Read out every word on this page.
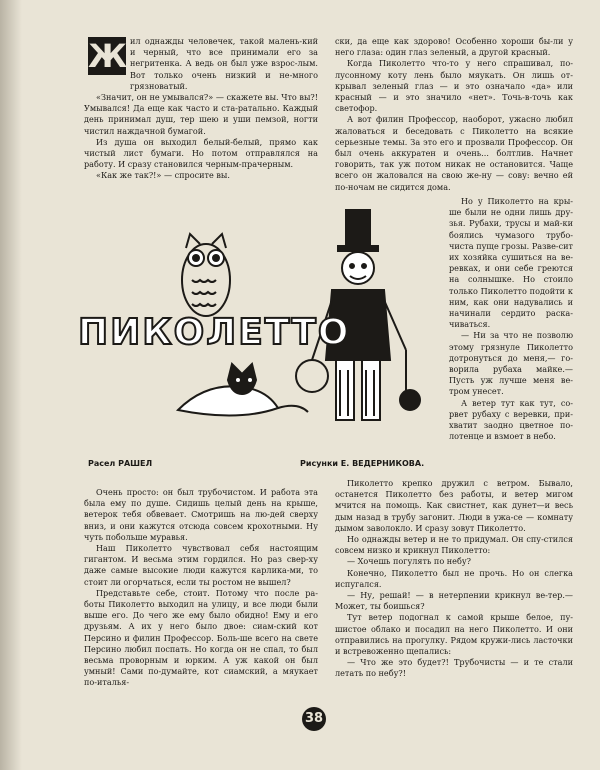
Ж ил однажды человечек, такой малень-кий и черный, что все принимали его за негритенка. А ведь он был уже взрос-лым. Вот только очень низкий и не-много грязноватый.

«Значит, он не умывался?» — скажете вы. Что вы?! Умывался! Да еще как часто и ста-ратально. Каждый день принимал душ, тер шею и уши пемзой, ногти чистил наждачной бумагой.

Из душа он выходил белый-белый, прямо как чистый лист бумаги. Но потом отправлялся на работу. И сразу становился черным-прачерным.

«Как же так?!» — спросите вы.

ски, да еще как здорово! Особенно хороши бы-ли у него глаза: один глаз зеленый, а другой красный.

Когда Пиколетто что-то у него спрашивал, по-лусонному коту лень было мяукать. Он лишь от-крывал зеленый глаз — и это означало «да» или красный — и это значило «нет». Точь-в-точь как светофор.

А вот филин Профессор, наоборот, ужасно любил жаловаться и беседовать с Пиколетто на всякие серьезные темы. За это его и прозвали Профессор. Он был очень аккуратен и очень... болтлив. Начнет говорить, так уж потом никак не остановится. Чаще всего он жаловался на свою же-ну — сову: вечно ей по-ночам не сидится дома.

Но у Пиколетто на кры-ше были не одни лишь дру-зья. Рубахи, трусы и май-ки боялись чумазого трубо-чиста пуще грозы. Разве-сит их хозяйка сушиться на ве-ревках, и они себе греются на солнышке. Но стоило только Пиколетто подойти к ним, как они надувались и начинали сердито раска-чиваться.

— Ни за что не позволю этому грязнуле Пиколетто дотронуться до меня,— го-ворила рубаха майке.— Пусть уж лучше меня ве-тром унесет.

А ветер тут как тут, со-рвет рубаху с веревки, при-хватит заодно цветное по-лотенце и взмоет в небо.

ПИКОЛЕТТО
Расел РАШЕЛ	Рисунки Е. ВЕДЕРНИКОВА.

Очень просто: он был трубочистом. И работа эта была ему по душе. Сидишь целый день на крыше, ветерок тебя обвевает. Смотришь на лю-дей сверху вниз, и они кажутся отсюда совсем крохотными. Ну чуть побольше муравья.

Наш Пиколетто чувствовал себя настоящим гигантом. И весьма этим гордился. Но раз свер-ху даже самые высокие люди кажутся карлика-ми, то стоит ли огорчаться, если ты ростом не вышел?

Представьте себе, стоит. Потому что после ра-боты Пиколетто выходил на улицу, и все люди были выше его. До чего же ему было обидно! Ему и его друзьям. А их у него было двое: сиам-ский кот Персино и филин Профессор. Боль-ше всего на свете Персино любил поспать. Но когда он не спал, то был весьма проворным и юрким. А уж какой он был умный! Сами по-думайте, кот сиамский, а мяукает по-италья-

Пиколетто крепко дружил с ветром. Бывало, останется Пиколетто без работы, и ветер мигом мчится на помощь. Как свистнет, как дунет—и весь дым назад в трубу загонит. Люди в ужа-се — комнату дымом заволокло. И сразу зовут Пиколетто.

Но однажды ветер и не то придумал. Он спу-стился совсем низко и крикнул Пиколетто:

— Хочешь погулять по небу?

Конечно, Пиколетто был не прочь. Но он слегка испугался.

— Ну, решай! — в нетерпении крикнул ве-тер.— Может, ты боишься?

Тут ветер подогнал к самой крыше белое, пу-шистое облако и посадил на него Пиколетто. И они отправились на прогулку. Рядом кружи-лись ласточки и встревоженно щепались:

— Что же это будет?! Трубочисты — и те стали летать по небу?!

38
